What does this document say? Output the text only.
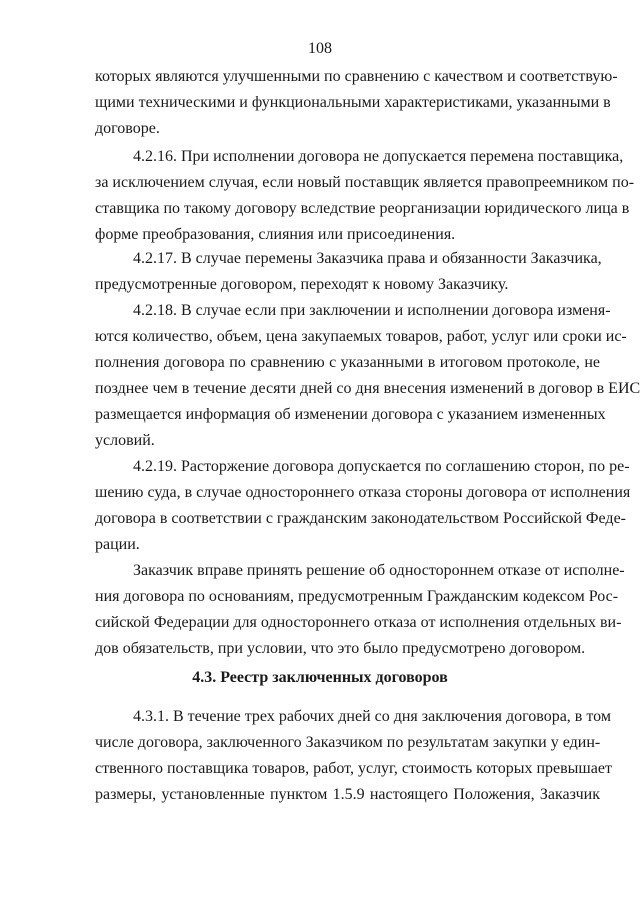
108
которых являются улучшенными по сравнению с качеством и соответствую-
щими техническими и функциональными характеристиками, указанными в
договоре.
4.2.16. При исполнении договора не допускается перемена поставщика,
за исключением случая, если новый поставщик является правопреемником по-
ставщика по такому договору вследствие реорганизации юридического лица в
форме преобразования, слияния или присоединения.
4.2.17. В случае перемены Заказчика права и обязанности Заказчика,
предусмотренные договором, переходят к новому Заказчику.
4.2.18. В случае если при заключении и исполнении договора изменя-
ются количество, объем, цена закупаемых товаров, работ, услуг или сроки ис-
полнения договора по сравнению с указанными в итоговом протоколе, не
позднее чем в течение десяти дней со дня внесения изменений в договор в ЕИС
размещается информация об изменении договора с указанием измененных
условий.
4.2.19. Расторжение договора допускается по соглашению сторон, по ре-
шению суда, в случае одностороннего отказа стороны договора от исполнения
договора в соответствии с гражданским законодательством Российской Феде-
рации.
Заказчик вправе принять решение об одностороннем отказе от исполне-
ния договора по основаниям, предусмотренным Гражданским кодексом Рос-
сийской Федерации для одностороннего отказа от исполнения отдельных ви-
дов обязательств, при условии, что это было предусмотрено договором.
4.3. Реестр заключенных договоров
4.3.1. В течение трех рабочих дней со дня заключения договора, в том
числе договора, заключенного Заказчиком по результатам закупки у един-
ственного поставщика товаров, работ, услуг, стоимость которых превышает
размеры, установленные пунктом 1.5.9 настоящего Положения, Заказчик
